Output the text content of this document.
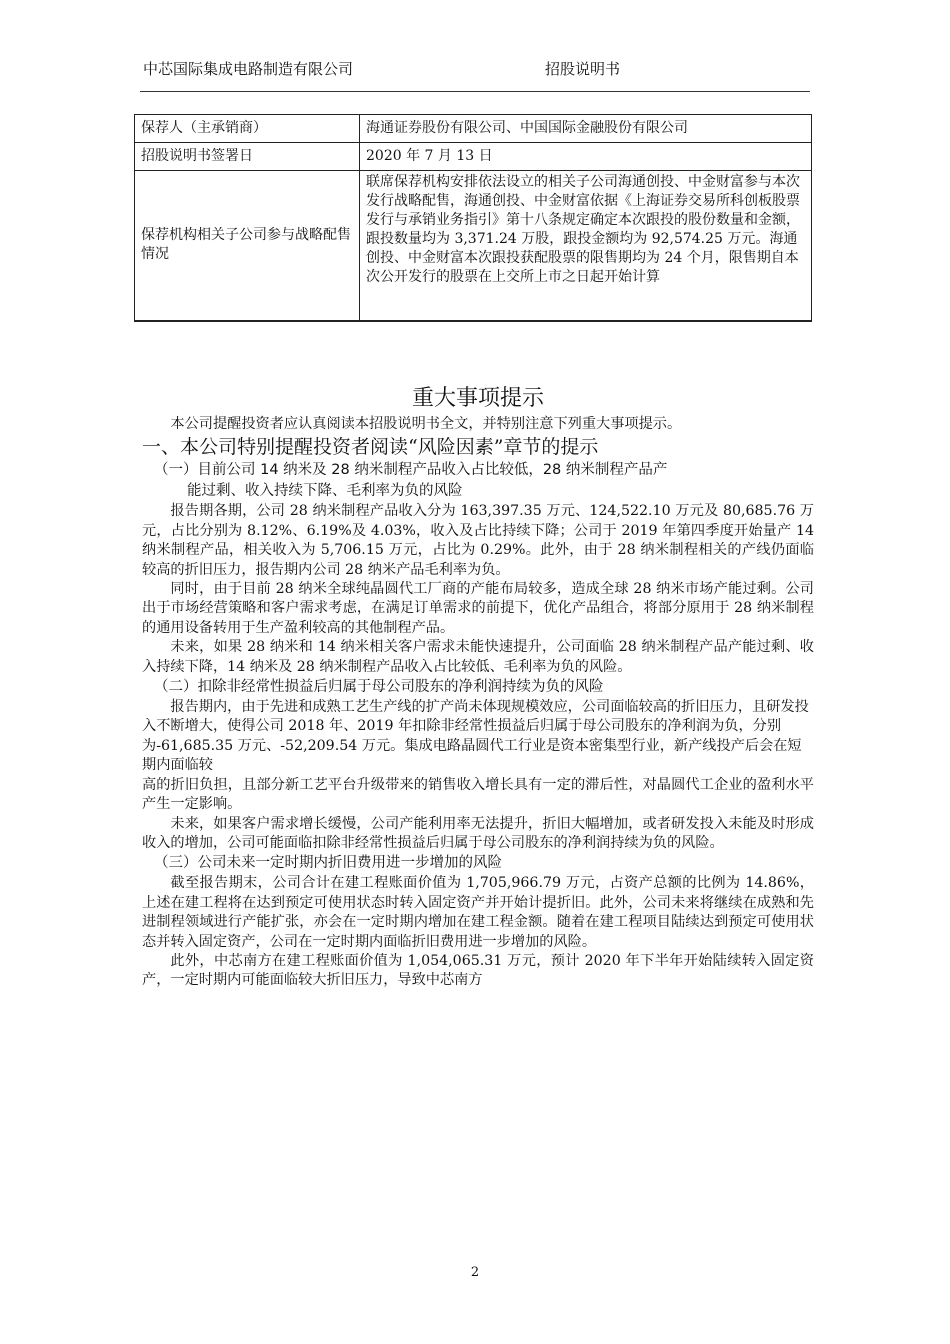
中芯国际集成电路制造有限公司	招股说明书
保荐人（主承销商）	海通证券股份有限公司、中国国际金融股份有限公司
招股说明书签署日	2020 年 7 月 13 日
保荐机构相关子公司参与战略配售情况	联席保荐机构安排依法设立的相关子公司海通创投、中金财富参与本次发行战略配售，海通创投、中金财富依据《上海证券交易所科创板股票发行与承销业务指引》第十八条规定确定本次跟投的股份数量和金额，跟投数量均为 3,371.24 万股，跟投金额均为 92,574.25 万元。海通创投、中金财富本次跟投获配股票的限售期均为 24 个月，限售期自本次公开发行的股票在上交所上市之日起开始计算
重大事项提示

本公司提醒投资者应认真阅读本招股说明书全文，并特别注意下列重大事项提示。

一、本公司特别提醒投资者阅读“风险因素”章节的提示
（一）目前公司 14 纳米及 28 纳米制程产品收入占比较低，28 纳米制程产品产
能过剩、收入持续下降、毛利率为负的风险

报告期各期，公司 28 纳米制程产品收入分为 163,397.35 万元、124,522.10 万元及 80,685.76 万元，占比分别为 8.12%、6.19%及 4.03%，收入及占比持续下降；公司于 2019 年第四季度开始量产 14 纳米制程产品，相关收入为 5,706.15 万元，占比为 0.29%。此外，由于 28 纳米制程相关的产线仍面临较高的折旧压力，报告期内公司 28 纳米产品毛利率为负。

同时，由于目前 28 纳米全球纯晶圆代工厂商的产能布局较多，造成全球 28 纳米市场产能过剩。公司出于市场经营策略和客户需求考虑，在满足订单需求的前提下，优化产品组合，将部分原用于 28 纳米制程的通用设备转用于生产盈利较高的其他制程产品。

未来，如果 28 纳米和 14 纳米相关客户需求未能快速提升，公司面临 28 纳米制程产品产能过剩、收入持续下降，14 纳米及 28 纳米制程产品收入占比较低、毛利率为负的风险。

（二）扣除非经常性损益后归属于母公司股东的净利润持续为负的风险

报告期内，由于先进和成熟工艺生产线的扩产尚未体现规模效应，公司面临较高的折旧压力，且研发投入不断增大，使得公司 2018 年、2019 年扣除非经常性损益后归属于母公司股东的净利润为负，分别为-61,685.35 万元、-52,209.54 万元。集成电路晶圆代工行业是资本密集型行业，新产线投产后会在短期内面临较

高的折旧负担，且部分新工艺平台升级带来的销售收入增长具有一定的滞后性，对晶圆代工企业的盈利水平产生一定影响。

未来，如果客户需求增长缓慢，公司产能利用率无法提升，折旧大幅增加，或者研发投入未能及时形成收入的增加，公司可能面临扣除非经常性损益后归属于母公司股东的净利润持续为负的风险。

（三）公司未来一定时期内折旧费用进一步增加的风险

截至报告期末，公司合计在建工程账面价值为 1,705,966.79 万元，占资产总额的比例为 14.86%，上述在建工程将在达到预定可使用状态时转入固定资产并开始计提折旧。此外，公司未来将继续在成熟和先进制程领域进行产能扩张，亦会在一定时期内增加在建工程金额。随着在建工程项目陆续达到预定可使用状态并转入固定资产，公司在一定时期内面临折旧费用进一步增加的风险。

此外，中芯南方在建工程账面价值为 1,054,065.31 万元，预计 2020 年下半年开始陆续转入固定资产，一定时期内可能面临较大折旧压力，导致中芯南方

2
